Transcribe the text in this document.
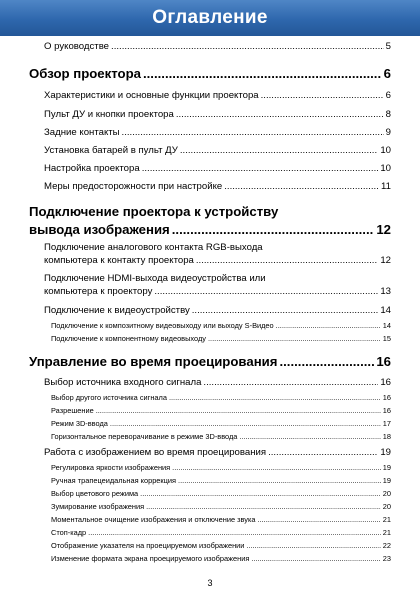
Оглавление
О руководстве .....	5
Обзор проектора .....	6
Характеристики и основные функции проектора .....	6
Пульт ДУ и кнопки проектора .....	8
Задние контакты .....	9
Установка батарей в пульт ДУ .....	10
Настройка проектора .....	10
Меры предосторожности при настройке .....	11
Подключение проектора к устройству
вывода изображения .....	12
Подключение аналогового контакта RGB-выхода
компьютера к контакту проектора .....	12
Подключение HDMI-выхода видеоустройства или
компьютера к проектору .....	13
Подключение к видеоустройству .....	14
Подключение к композитному видеовыходу или выходу S-Видео .....	14
Подключение к компонентному видеовыходу .....	15
Управление во время проецирования .....	16
Выбор источника входного сигнала .....	16
Выбор другого источника сигнала .....	16
Разрешение .....	16
Режим 3D-ввода .....	17
Горизонтальное переворачивание в режиме 3D-ввода .....	18
Работа с изображением во время проецирования .....	19
Регулировка яркости изображения .....	19
Ручная трапецеидальная коррекция .....	19
Выбор цветового режима .....	20
Зумирование изображения .....	20
Моментальное очищение изображения и отключение звука .....	21
Стоп-кадр .....	21
Отображение указателя на проецируемом изображении .....	22
Изменение формата экрана проецируемого изображения .....	23
3
